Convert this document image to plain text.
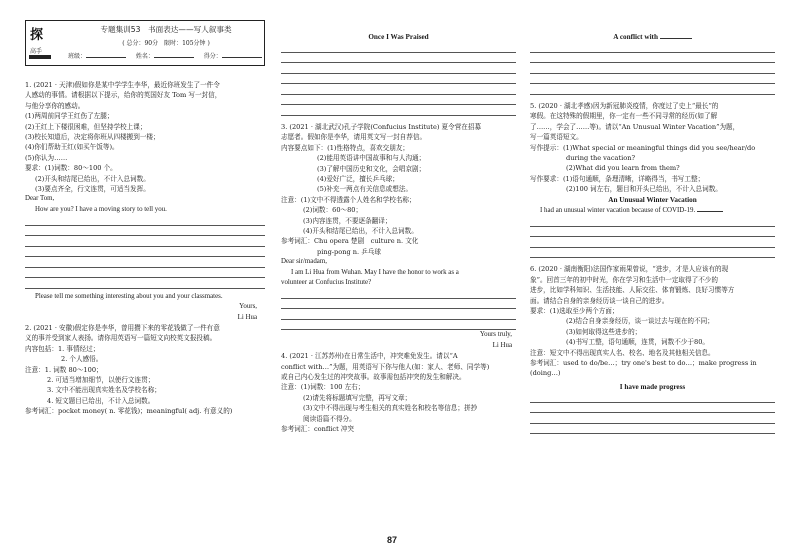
探
高手
专题集训53　书面表达——写人叙事类
( 总分：90分　限时：105分钟 )
班级：	姓名：	得分：

1. (2021 · 天津)假如你是某中学学生李华，最近你班发生了一件令

人感动的事情。请根据以下提示，给你的英国好友 Tom 写一封信，

与他分享你的感动。

(1)两周前同学王红伤了左腿；

(2)王红上下楼很困难，但坚持学校上课；

(3)校长知道后，决定将你班从四楼搬到一楼；

(4)你们帮助王红(如买午饭等)。

(5)你认为……

要求：(1)词数：80～100 个。

(2)开头和结尾已给出，不计入总词数。

(3)要点齐全，行文连贯，可适当发挥。

Dear Tom,

How are you? I have a moving story to tell you.

Please tell me something interesting about you and your classmates.

Yours,

Li Hua

2. (2021 · 安徽)假定你是李华，曾用攒下来的零花钱做了一件有意

义的事并受到家人表扬。请你用英语写一篇短文向校英文报投稿。

内容包括：1. 事情经过；

2. 个人感悟。

注意：1. 词数 80～100；

2. 可适当增加细节，以使行文连贯；

3. 文中不能出现真实姓名及学校名称；

4. 短文题目已给出，不计入总词数。

参考词汇：pocket money( n. 零花钱)；meaningful( adj. 有意义的)

Once I Was Praised

3. (2021 · 湖北武汉)孔子学院(Confucius Institute) 夏令营在招募

志愿者。假如你是李华，请用英文写一封自荐信。

内容要点如下：(1)性格特点，喜欢交朋友；

(2)能用英语讲中国故事和与人沟通；

(3)了解中国历史和文化，会唱京剧；

(4)爱好广泛，擅长乒乓球；

(5)补充一两点有关信息或想法。

注意：(1)文中不得透露个人姓名和学校名称；

(2)词数：60～80；

(3)内容连贯，不要逐条翻译；

(4)开头和结尾已给出，不计入总词数。

参考词汇：Chu opera 楚剧　culture n. 文化

ping-pong n. 乒乓球

Dear sir/madam,

I am Li Hua from Wuhan. May I have the honor to work as a

volunteer at Confucius Institute?

Yours truly,

Li Hua

4. (2021 · 江苏苏州)在日常生活中，冲突难免发生。请以“A

conflict with…”为题，用英语写下你与他人(如：家人、老师、同学等)

或自己内心发生过的冲突故事。故事需包括冲突的发生和解决。

注意：(1)词数：100 左右；

(2)请先将标题填写完整，再写文章；

(3)文中不得出现与考生相关的真实姓名和校名等信息；拼抄

阅读语篇不得分。

参考词汇：conflict 冲突

A conflict with

5. (2020 · 湖北孝感)因为新冠肺炎疫情，你度过了史上“最长”的

寒假。在这特殊的假期里，你一定有一些不同寻常的经历(如了解

了……，学会了……等)。请以“An Unusual Winter Vacation”为题，

写一篇英语短文。

写作提示：(1)What special or meaningful things did you see/hear/do

during the vacation?

(2)What did you learn from them?

写作要求：(1)语句通顺，条理清晰，详略得当，书写工整；

(2)100 词左右，题目和开头已给出，不计入总词数。

An Unusual Winter Vacation

I had an unusual winter vacation because of COVID-19.

6. (2020 · 湖南衡阳)法国作家雨果曾说，“进步，才是人应该有的现

象”。回首三年的初中时光，你在学习和生活中一定取得了不少的

进步，比如学科知识、生活技能、人际交往、体育锻炼、良好习惯等方

面。请结合自身的亲身经历谈一谈自己的进步。

要求：(1)选取至少两个方面；

(2)结合自身亲身经历，谈一谈过去与现在的不同；

(3)如何取得这些进步的；

(4)书写工整，语句通顺，连贯，词数不少于80。

注意：短文中不得出现真实人名、校名、地名及其他相关信息。

参考词汇：used to do/be…；try one's best to do…；make progress in

(doing…)

I have made progress

87
